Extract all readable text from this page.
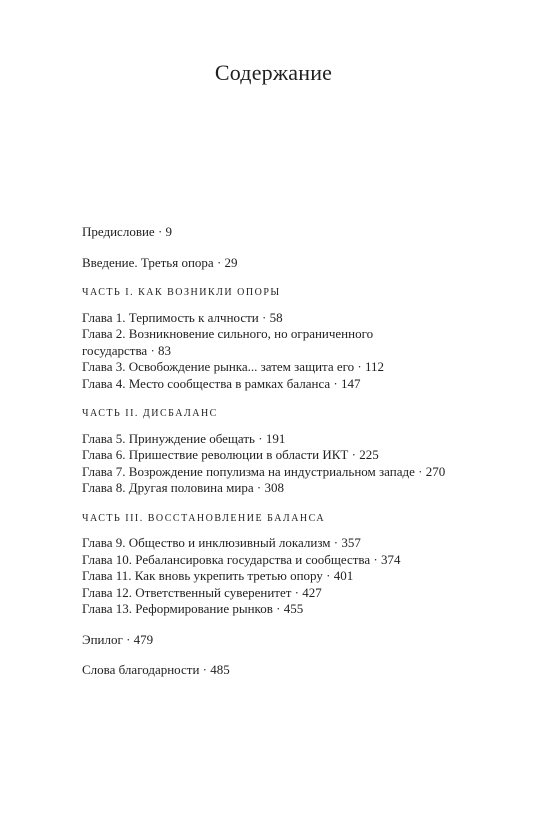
Содержание

Предисловие · 9

Введение. Третья опора · 29

ЧАСТЬ I. КАК ВОЗНИКЛИ ОПОРЫ

Глава 1. Терпимость к алчности · 58

Глава 2. Возникновение сильного, но ограниченного государства · 83

Глава 3. Освобождение рынка... затем защита его · 112

Глава 4. Место сообщества в рамках баланса · 147

ЧАСТЬ II. ДИСБАЛАНС

Глава 5. Принуждение обещать · 191

Глава 6. Пришествие революции в области ИКТ · 225

Глава 7. Возрождение популизма на индустриальном западе · 270

Глава 8. Другая половина мира · 308

ЧАСТЬ III. ВОССТАНОВЛЕНИЕ БАЛАНСА

Глава 9. Общество и инклюзивный локализм · 357

Глава 10. Ребалансировка государства и сообщества · 374

Глава 11. Как вновь укрепить третью опору · 401

Глава 12. Ответственный суверенитет · 427

Глава 13. Реформирование рынков · 455

Эпилог · 479

Слова благодарности · 485
